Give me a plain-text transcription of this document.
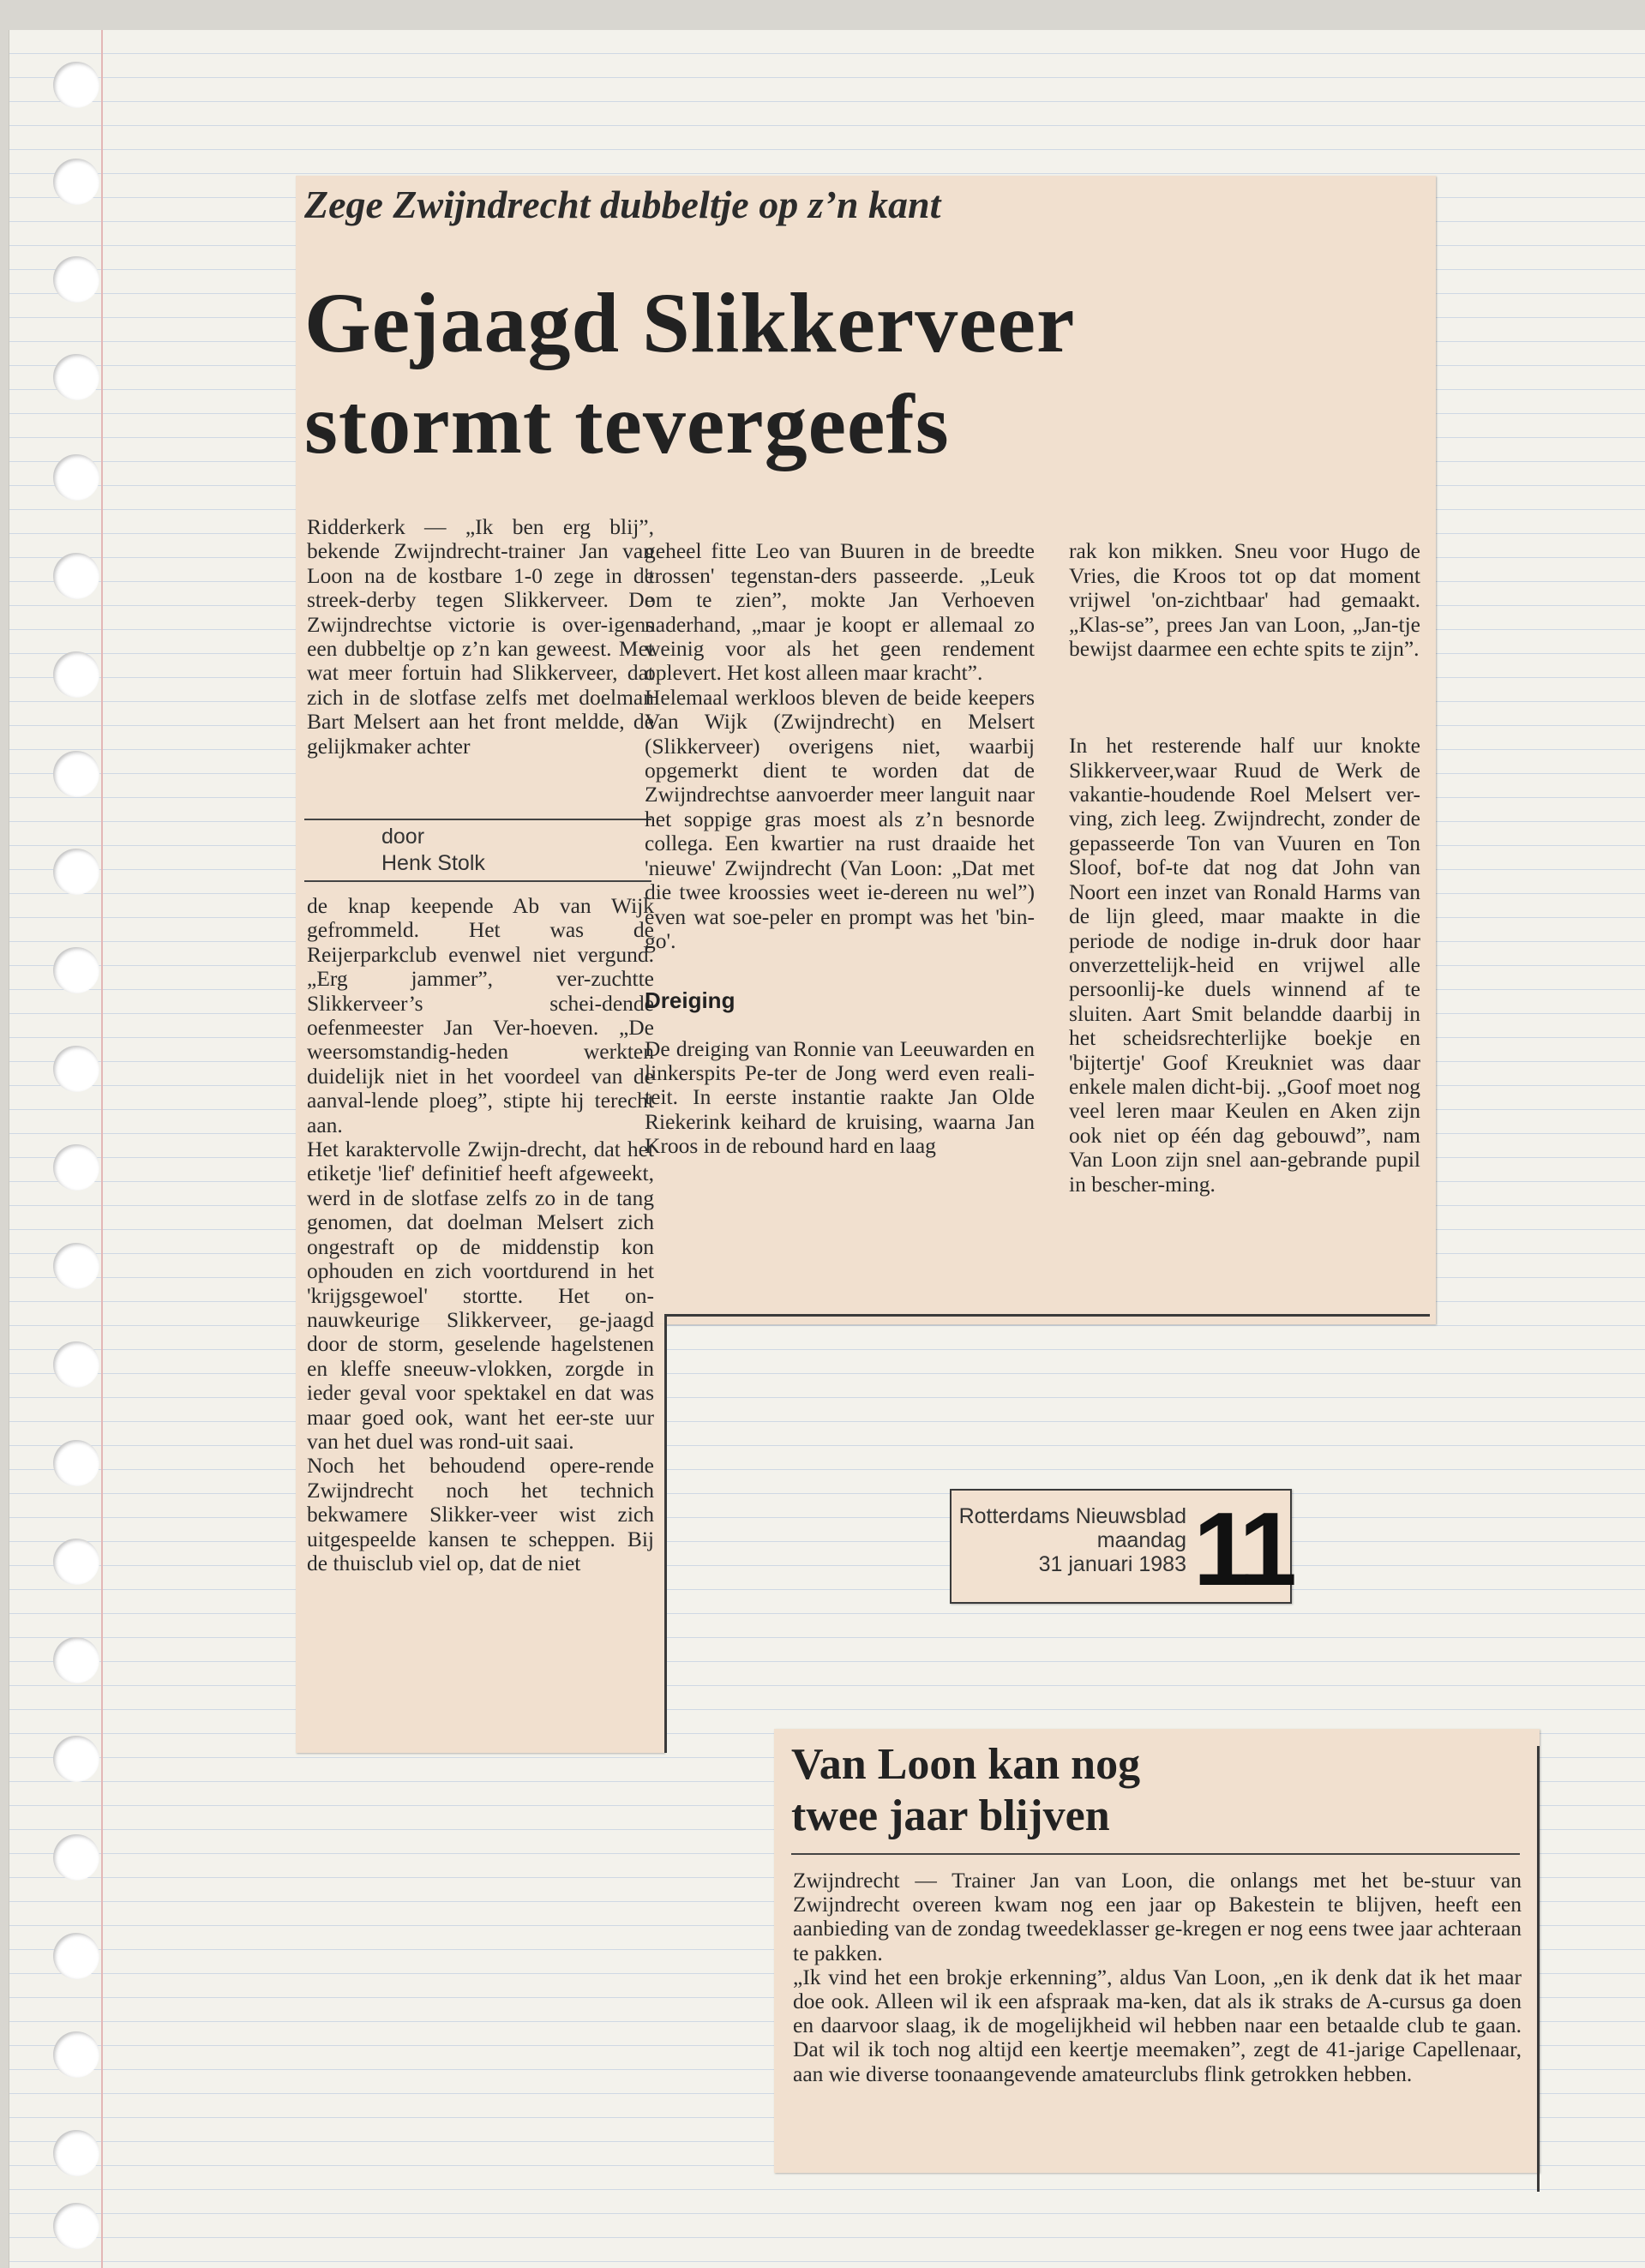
Zege Zwijndrecht dubbeltje op z’n kant
Gejaagd Slikkerveer
stormt tevergeefs
Ridderkerk — „Ik ben erg blij”, bekende Zwijndrecht-trainer Jan van Loon na de kostbare 1-0 zege in de streek-derby tegen Slikkerveer. De Zwijndrechtse victorie is over-igens een dubbeltje op z’n kan geweest. Met wat meer fortuin had Slikkerveer, dat zich in de slotfase zelfs met doelman Bart Melsert aan het front meldde, de gelijkmaker achter
door
Henk Stolk
de knap keepende Ab van Wijk gefrommeld. Het was de Reijerparkclub evenwel niet vergund. „Erg jammer”, ver-zuchtte Slikkerveer’s schei-dende oefenmeester Jan Ver-hoeven. „De weersomstandig-heden werkten duidelijk niet in het voordeel van de aanval-lende ploeg”, stipte hij terecht aan.
Het karaktervolle Zwijn-drecht, dat het etiketje 'lief' definitief heeft afgeweekt, werd in de slotfase zelfs zo in de tang genomen, dat doelman Melsert zich ongestraft op de middenstip kon ophouden en zich voortdurend in het 'krijgsgewoel' stortte. Het on-nauwkeurige Slikkerveer, ge-jaagd door de storm, geselende hagelstenen en kleffe sneeuw-vlokken, zorgde in ieder geval voor spektakel en dat was maar goed ook, want het eer-ste uur van het duel was rond-uit saai.
Noch het behoudend opere-rende Zwijndrecht noch het technich bekwamere Slikker-veer wist zich uitgespeelde kansen te scheppen. Bij de thuisclub viel op, dat de niet

geheel fitte Leo van Buuren in de breedte 'trossen' tegenstan-ders passeerde. „Leuk om te zien”, mokte Jan Verhoeven naderhand, „maar je koopt er allemaal zo weinig voor als het geen rendement oplevert. Het kost alleen maar kracht”.
Helemaal werkloos bleven de beide keepers Van Wijk (Zwijndrecht) en Melsert (Slikkerveer) overigens niet, waarbij opgemerkt dient te worden dat de Zwijndrechtse aanvoerder meer languit naar het soppige gras moest als z’n besnorde collega. Een kwartier na rust draaide het 'nieuwe' Zwijndrecht (Van Loon: „Dat met die twee kroossies weet ie-dereen nu wel”) even wat soe-peler en prompt was het 'bin-go'.

Dreiging

De dreiging van Ronnie van Leeuwarden en linkerspits Pe-ter de Jong werd even reali-teit. In eerste instantie raakte Jan Olde Riekerink keihard de kruising, waarna Jan Kroos in de rebound hard en laag

rak kon mikken. Sneu voor Hugo de Vries, die Kroos tot op dat moment vrijwel 'on-zichtbaar' had gemaakt. „Klas-se”, prees Jan van Loon, „Jan-tje bewijst daarmee een echte spits te zijn”.

In het resterende half uur knokte Slikkerveer,waar Ruud de Werk de vakantie-houdende Roel Melsert ver-ving, zich leeg. Zwijndrecht, zonder de gepasseerde Ton van Vuuren en Ton Sloof, bof-te dat nog dat John van Noort een inzet van Ronald Harms van de lijn gleed, maar maakte in die periode de nodige in-druk door haar onverzettelijk-heid en vrijwel alle persoonlij-ke duels winnend af te sluiten. Aart Smit belandde daarbij in het scheidsrechterlijke boekje en 'bijtertje' Goof Kreukniet was daar enkele malen dicht-bij. „Goof moet nog veel leren maar Keulen en Aken zijn ook niet op één dag gebouwd”, nam Van Loon zijn snel aan-gebrande pupil in bescher-ming.

Rotterdams Nieuwsblad
maandag
31 januari 1983 11
Van Loon kan nog
twee jaar blijven
Zwijndrecht — Trainer Jan van Loon, die onlangs met het be-stuur van Zwijndrecht overeen kwam nog een jaar op Bakestein te blijven, heeft een aanbieding van de zondag tweedeklasser ge-kregen er nog eens twee jaar achteraan te pakken.
„Ik vind het een brokje erkenning”, aldus Van Loon, „en ik denk dat ik het maar doe ook. Alleen wil ik een afspraak ma-ken, dat als ik straks de A-cursus ga doen en daarvoor slaag, ik de mogelijkheid wil hebben naar een betaalde club te gaan. Dat wil ik toch nog altijd een keertje meemaken”, zegt de 41-jarige Capellenaar, aan wie diverse toonaangevende amateurclubs flink getrokken hebben.
